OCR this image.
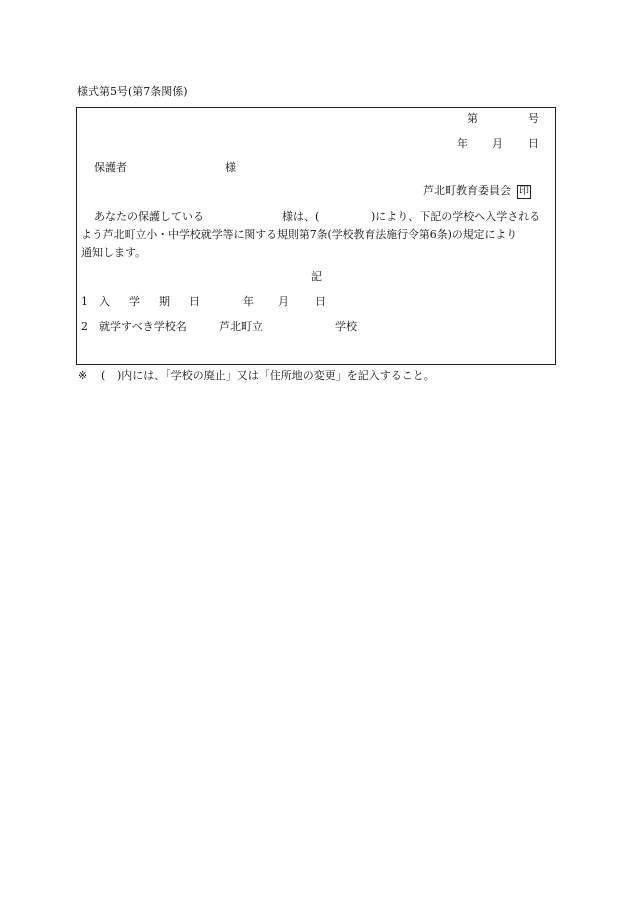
様式第5号(第7条関係)
第	号
年 月 日
保護者	様
芦北町教育委員会 印
あなたの保護している	様は、(	)により、下記の学校へ入学される
よう芦北町立小・中学校就学等に関する規則第7条(学校教育法施行令第6条)の規定により
通知します。
記
1 入　学　期　日	年 月 日
2 就学すべき学校名	芦北町立	学校
※ ( )内には、「学校の廃止」又は「住所地の変更」を記入すること。
